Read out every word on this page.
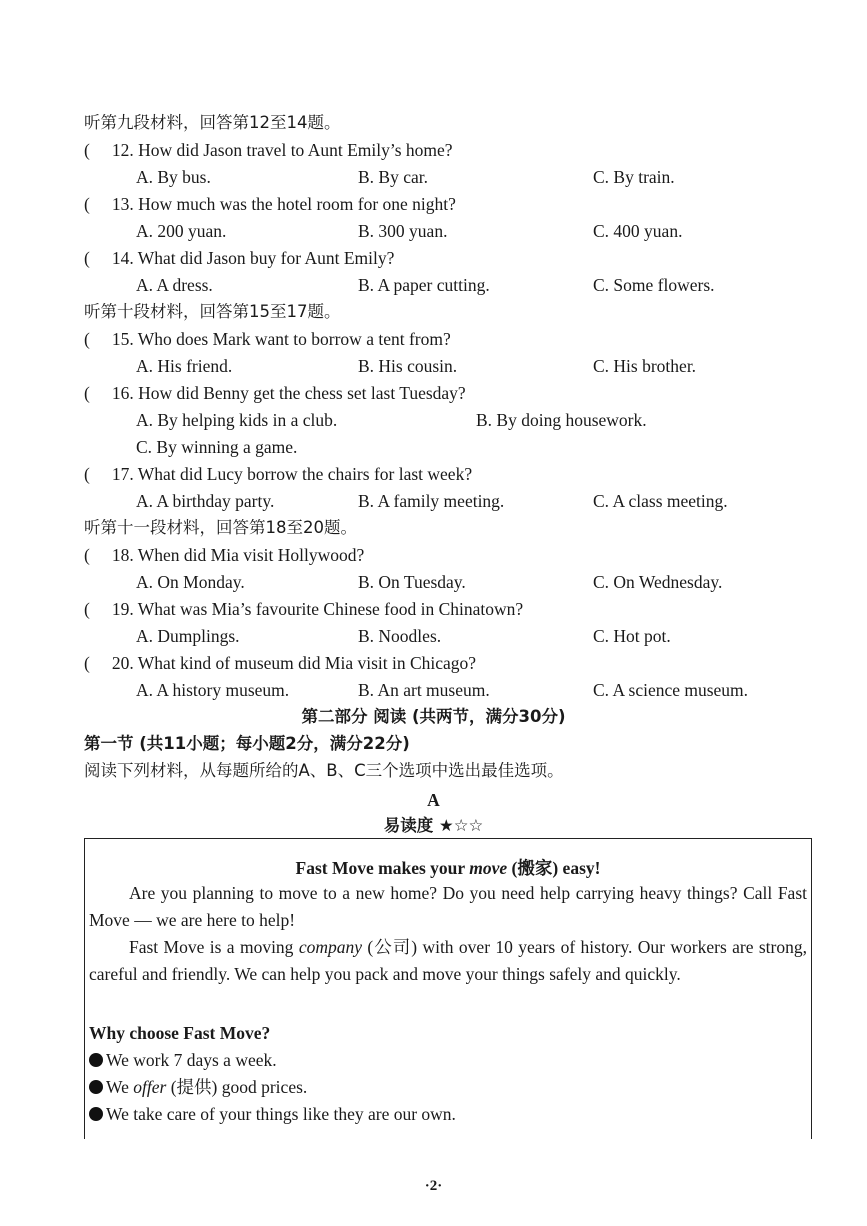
听第九段材料，回答第12至14题。
( 12. How did Jason travel to Aunt Emily’s home?
A. By bus.	B. By car.	C. By train.
( 13. How much was the hotel room for one night?
A. 200 yuan.	B. 300 yuan.	C. 400 yuan.
( 14. What did Jason buy for Aunt Emily?
A. A dress.	B. A paper cutting.	C. Some flowers.
听第十段材料，回答第15至17题。
( 15. Who does Mark want to borrow a tent from?
A. His friend.	B. His cousin.	C. His brother.
( 16. How did Benny get the chess set last Tuesday?
A. By helping kids in a club.	B. By doing housework.
C. By winning a game.
( 17. What did Lucy borrow the chairs for last week?
A. A birthday party.	B. A family meeting.	C. A class meeting.
听第十一段材料，回答第18至20题。
( 18. When did Mia visit Hollywood?
A. On Monday.	B. On Tuesday.	C. On Wednesday.
( 19. What was Mia’s favourite Chinese food in Chinatown?
A. Dumplings.	B. Noodles.	C. Hot pot.
( 20. What kind of museum did Mia visit in Chicago?
A. A history museum.	B. An art museum.	C. A science museum.
第二部分 阅读 (共两节，满分30分)
第一节 (共11小题；每小题2分，满分22分)
阅读下列材料，从每题所给的A、B、C三个选项中选出最佳选项。
A
易读度 ★☆☆
Fast Move makes your move (搬家) easy!
Are you planning to move to a new home? Do you need help carrying heavy things? Call Fast Move — we are here to help!
Fast Move is a moving company (公司) with over 10 years of history. Our workers are strong, careful and friendly. We can help you pack and move your things safely and quickly.
Why choose Fast Move?
We work 7 days a week.
We offer (提供) good prices.
We take care of your things like they are our own.
·2·
